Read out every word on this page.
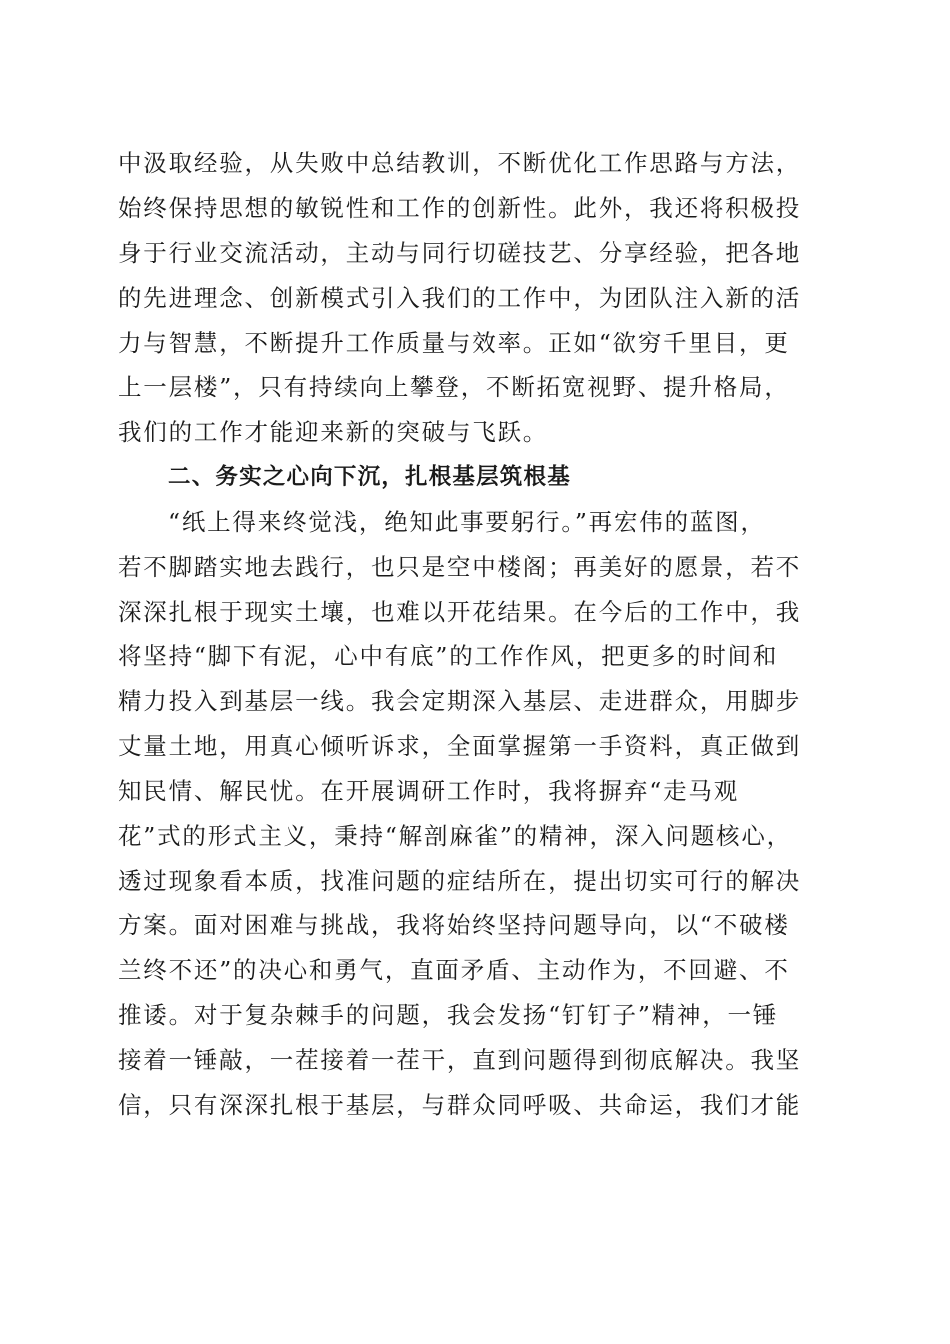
中汲取经验，从失败中总结教训，不断优化工作思路与方法，
始终保持思想的敏锐性和工作的创新性。此外，我还将积极投
身于行业交流活动，主动与同行切磋技艺、分享经验，把各地
的先进理念、创新模式引入我们的工作中，为团队注入新的活
力与智慧，不断提升工作质量与效率。正如“欲穷千里目，更
上一层楼”，只有持续向上攀登，不断拓宽视野、提升格局，
我们的工作才能迎来新的突破与飞跃。
二、务实之心向下沉，扎根基层筑根基
“纸上得来终觉浅，绝知此事要躬行。”再宏伟的蓝图，
若不脚踏实地去践行，也只是空中楼阁；再美好的愿景，若不
深深扎根于现实土壤，也难以开花结果。在今后的工作中，我
将坚持“脚下有泥，心中有底”的工作作风，把更多的时间和
精力投入到基层一线。我会定期深入基层、走进群众，用脚步
丈量土地，用真心倾听诉求，全面掌握第一手资料，真正做到
知民情、解民忧。在开展调研工作时，我将摒弃“走马观
花”式的形式主义，秉持“解剖麻雀”的精神，深入问题核心，
透过现象看本质，找准问题的症结所在，提出切实可行的解决
方案。面对困难与挑战，我将始终坚持问题导向，以“不破楼
兰终不还”的决心和勇气，直面矛盾、主动作为，不回避、不
推诿。对于复杂棘手的问题，我会发扬“钉钉子”精神，一锤
接着一锤敲，一茬接着一茬干，直到问题得到彻底解决。我坚
信，只有深深扎根于基层，与群众同呼吸、共命运，我们才能
